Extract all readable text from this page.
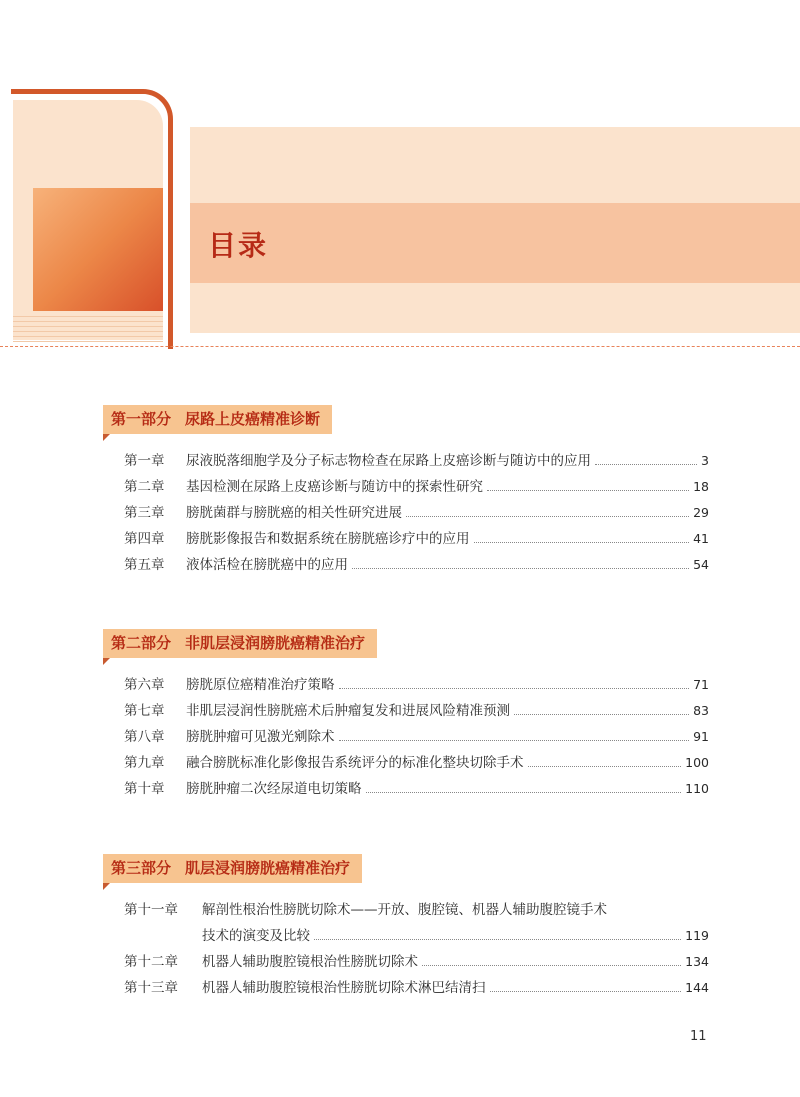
目录
第一部分 尿路上皮癌精准诊断
第一章 尿液脱落细胞学及分子标志物检查在尿路上皮癌诊断与随访中的应用	3
第二章 基因检测在尿路上皮癌诊断与随访中的探索性研究	18
第三章 膀胱菌群与膀胱癌的相关性研究进展	29
第四章 膀胱影像报告和数据系统在膀胱癌诊疗中的应用	41
第五章 液体活检在膀胱癌中的应用	54
第二部分 非肌层浸润膀胱癌精准治疗
第六章 膀胱原位癌精准治疗策略	71
第七章 非肌层浸润性膀胱癌术后肿瘤复发和进展风险精准预测	83
第八章 膀胱肿瘤可见激光剜除术	91
第九章 融合膀胱标准化影像报告系统评分的标准化整块切除手术	100
第十章 膀胱肿瘤二次经尿道电切策略	110
第三部分 肌层浸润膀胱癌精准治疗
第十一章 解剖性根治性膀胱切除术——开放、腹腔镜、机器人辅助腹腔镜手术
技术的演变及比较	119
第十二章 机器人辅助腹腔镜根治性膀胱切除术	134
第十三章 机器人辅助腹腔镜根治性膀胱切除术淋巴结清扫	144
11
